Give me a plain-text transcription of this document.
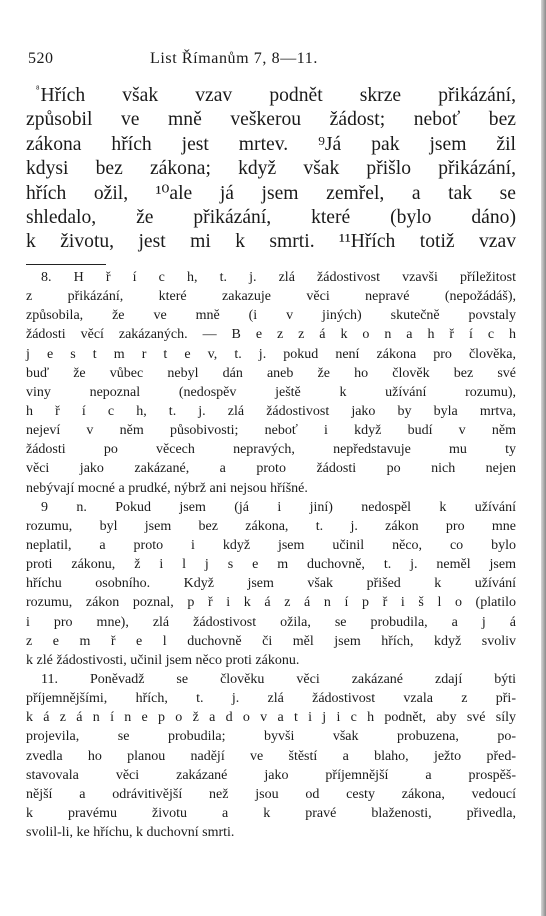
520	List Římanům 7, 8—11.
$^{^8}$Hřích však vzav podnět skrze přikázání,
způsobil ve mně veškerou žádost; neboť bez
zákona hřích jest mrtev. ⁹Já pak jsem žil
kdysi bez zákona; když však přišlo přikázání,
hřích ožil, ¹⁰ale já jsem zemřel, a tak se
shledalo, že přikázání, které (bylo dáno)
k životu, jest mi k smrti. ¹¹Hřích totiž vzav
8. H ř í c h, t. j. zlá žádostivost vzavši příležitost
z přikázání, které zakazuje věci nepravé (nepožádáš),
způsobila, že ve mně (i v jiných) skutečně povstaly
žádosti věcí zakázaných. — B e z z á k o n a h ř í c h
j e s t m r t e v, t. j. pokud není zákona pro člověka,
buď že vůbec nebyl dán aneb že ho člověk bez své
viny nepoznal (nedospěv ještě k užívání rozumu),
h ř í c h, t. j. zlá žádostivost jako by byla mrtva,
nejeví v něm působivosti; neboť i když budí v něm
žádosti po věcech nepravých, nepředstavuje mu ty
věci jako zakázané, a proto žádosti po nich nejen
nebývají mocné a prudké, nýbrž ani nejsou hříšné.
9 n. Pokud jsem (já i jiní) nedospěl k užívání
rozumu, byl jsem bez zákona, t. j. zákon pro mne
neplatil, a proto i když jsem učinil něco, co bylo
proti zákonu, ž i l j s e m duchovně, t. j. neměl jsem
hříchu osobního. Když jsem však přišed k užívání
rozumu, zákon poznal, p ř i k á z á n í p ř i š l o (platilo
i pro mne), zlá žádostivost ožila, se probudila, a j á
z e m ř e l duchovně či měl jsem hřích, když svoliv
k zlé žádostivosti, učinil jsem něco proti zákonu.
11. Poněvadž se člověku věci zakázané zdají býti
příjemnějšími, hřích, t. j. zlá žádostivost vzala z při-
k á z á n í n e p o ž a d o v a t i j i c h podnět, aby své síly
projevila, se probudila; byvši však probuzena, po-
zvedla ho planou nadějí ve štěstí a blaho, ježto před-
stavovala věci zakázané jako příjemnější a prospěš-
nější a odrávitivější než jsou od cesty zákona, vedoucí
k pravému životu a k pravé blaženosti, přivedla,
svolil-li, ke hříchu, k duchovní smrti.
